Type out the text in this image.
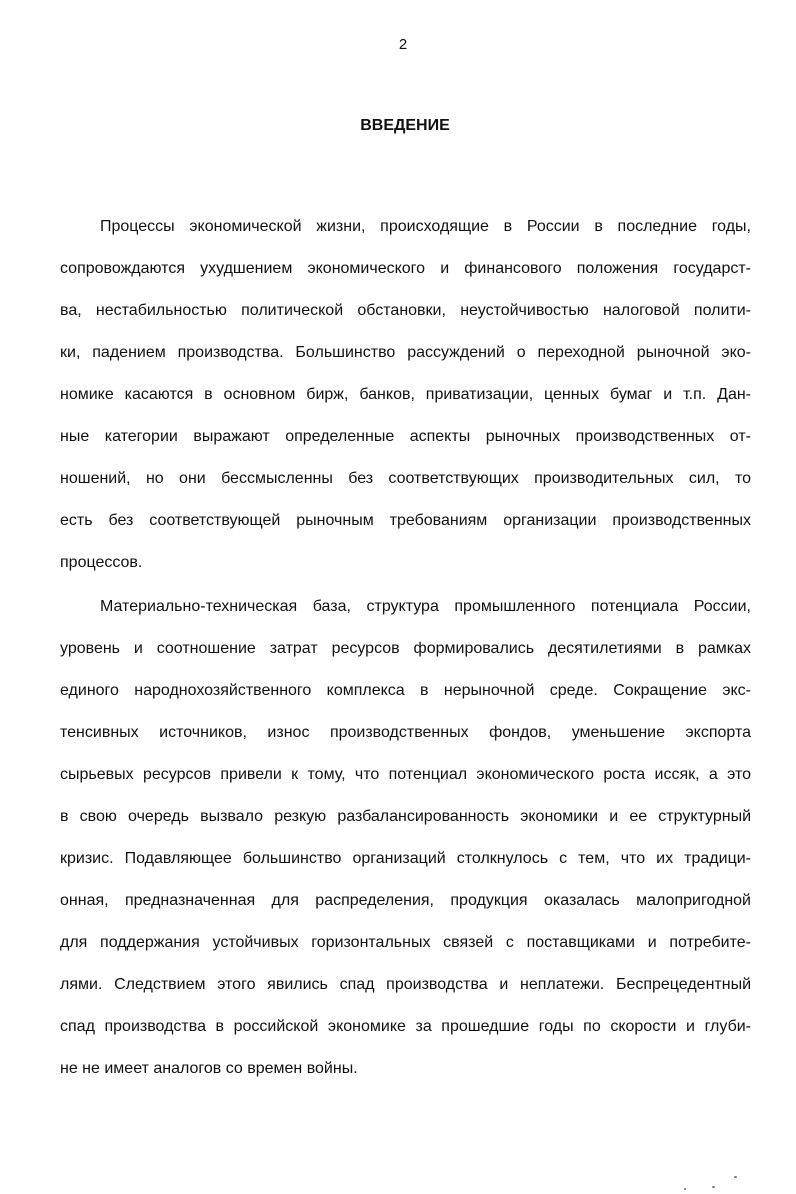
2
ВВЕДЕНИЕ
Процессы экономической жизни, происходящие в России в последние годы,
сопровождаются ухудшением экономического и финансового положения государст-
ва, нестабильностью политической обстановки, неустойчивостью налоговой полити-
ки, падением производства. Большинство рассуждений о переходной рыночной эко-
номике касаются в основном бирж, банков, приватизации, ценных бумаг и т.п. Дан-
ные категории выражают определенные аспекты рыночных производственных от-
ношений, но они бессмысленны без соответствующих производительных сил, то
есть без соответствующей рыночным требованиям организации производственных
процессов.
Материально-техническая база, структура промышленного потенциала России,
уровень и соотношение затрат ресурсов формировались десятилетиями в рамках
единого народнохозяйственного комплекса в нерыночной среде. Сокращение экс-
тенсивных источников, износ производственных фондов, уменьшение экспорта
сырьевых ресурсов привели к тому, что потенциал экономического роста иссяк, а это
в свою очередь вызвало резкую разбалансированность экономики и ее структурный
кризис. Подавляющее большинство организаций столкнулось с тем, что их традици-
онная, предназначенная для распределения, продукция оказалась малопригодной
для поддержания устойчивых горизонтальных связей с поставщиками и потребите-
лями. Следствием этого явились спад производства и неплатежи. Беспрецедентный
спад производства в российской экономике за прошедшие годы по скорости и глуби-
не не имеет аналогов со времен войны.
